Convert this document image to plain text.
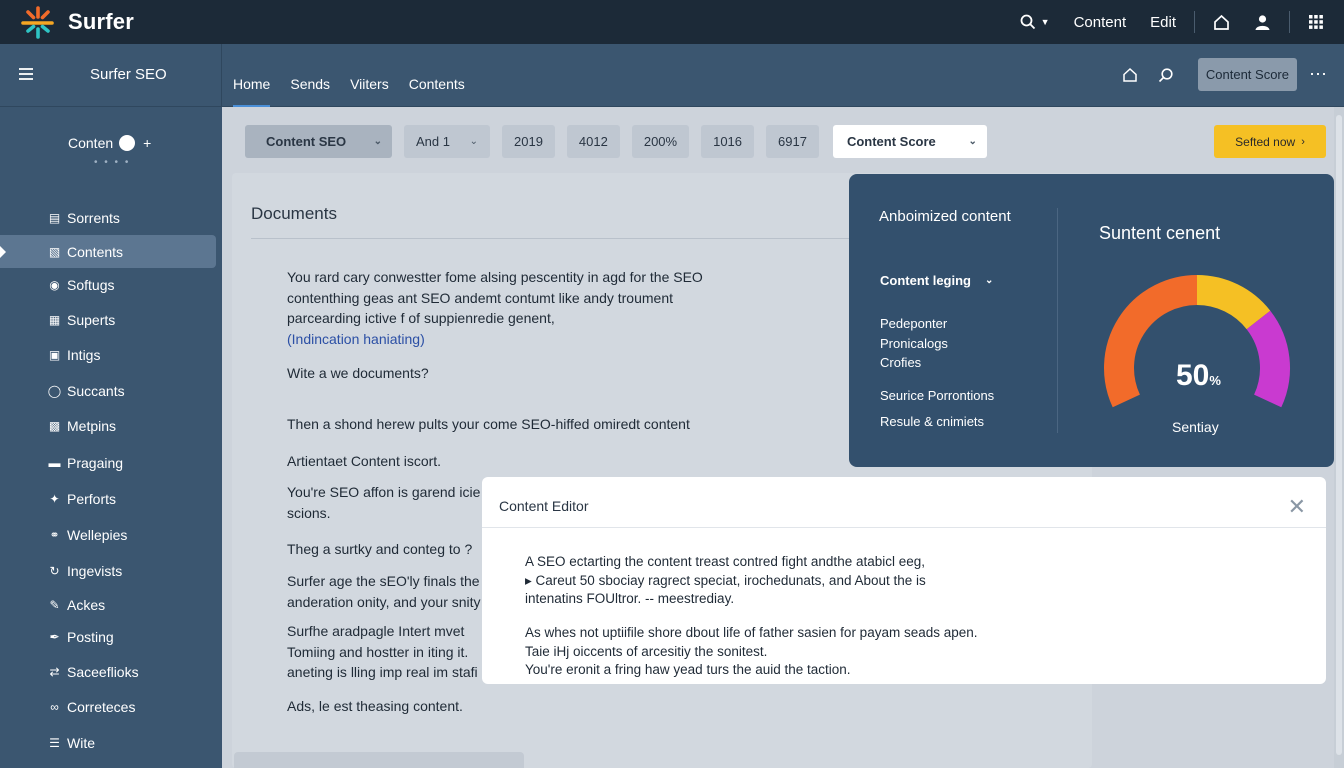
Surfer	▼	Content	Edit
Surfer SEO
Home Sends Viiters Contents
Content Score	⋯
Conten +
• • • •
▤ Sorrents
▧ Contents
◉ Softugs
▦ Superts
▣ Intigs
◯ Succants
▩ Metpins
▬ Pragaing
✦ Perforts
⚭ Wellepies
↻ Ingevists
✎ Ackes
✒ Posting
⇄ Saceeflioks
∞ Correteces
☰ Wite
Content SEO	⌄	And 1 ⌄	2019	4012	200%	1016	6917	Content Score	⌄	Sefted now ›
Documents
You rard cary conwestter fome alsing pescentity in agd for the SEO
contenthing geas ant SEO andemt contumt like andy troument
parcearding ictive f of suppienredie genent,
(Indincation haniating)
Wite a we documents?
Then a shond herew pults your come SEO-hiffed omiredt content
Artientaet Content iscort.
You're SEO affon is garend icie
scions.
Theg a surtky and conteg to ?
Surfer age the sEO'ly finals the
anderation onity, and your snity
Surfhe aradpagle Intert mvet
Tomiing and hostter in iting it.
aneting is lling imp real im stafi
Ads, le est theasing content.
Anboimized content
Content leging ⌄
Pedeponter
Pronicalogs
Crofies
Seurice Porrontions
Resule & cnimiets
Suntent cenent
50%
Sentiay
Content Editor	✕
A SEO ectarting the content treast contred fight andthe atabicl eeg,
▸ Careut 50 sbociay ragrect speciat, irochedunats, and About the is
intenatins FOUltror. -- meestrediay.
As whes not uptiifile shore dbout life of father sasien for payam seads apen.
Taie iHj oiccents of arcesitiy the sonitest.
You're eronit a fring haw yead turs the auid the taction.
